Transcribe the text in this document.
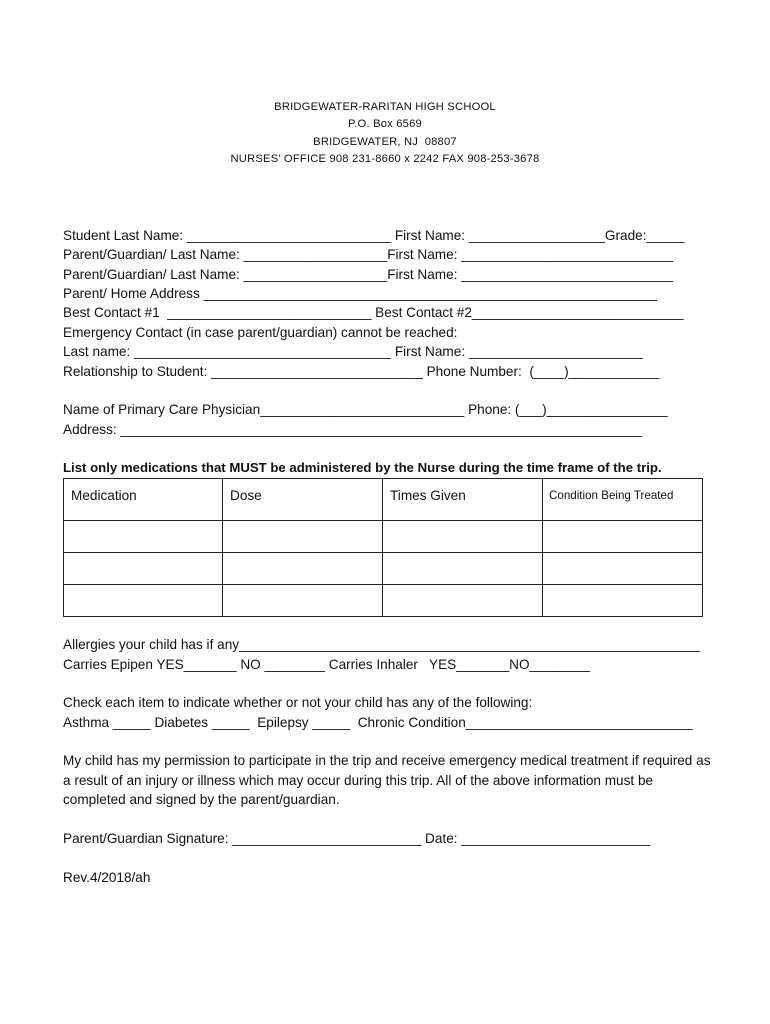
BRIDGEWATER-RARITAN HIGH SCHOOL
P.O. Box 6569
BRIDGEWATER, NJ  08807
NURSES’ OFFICE 908 231-8660 x 2242 FAX 908-253-3678
Student Last Name: ___________________________ First Name: __________________Grade:_____
Parent/Guardian/ Last Name: ___________________First Name: ____________________________
Parent/Guardian/ Last Name: ___________________First Name: ____________________________
Parent/ Home Address ____________________________________________________________
Best Contact #1  ___________________________ Best Contact #2____________________________
Emergency Contact (in case parent/guardian) cannot be reached:
Last name: __________________________________ First Name: _______________________
Relationship to Student: ____________________________ Phone Number:  (____)____________
Name of Primary Care Physician___________________________ Phone: (___)________________
Address: _____________________________________________________________________
List only medications that MUST be administered by the Nurse during the time frame of the trip.
Medication	Dose	Times Given	Condition Being Treated

Allergies your child has if any_____________________________________________________________
Carries Epipen YES_______ NO ________ Carries Inhaler   YES_______NO________
Check each item to indicate whether or not your child has any of the following:
Asthma _____ Diabetes _____  Epilepsy _____  Chronic Condition______________________________
My child has my permission to participate in the trip and receive emergency medical treatment if required as a result of an injury or illness which may occur during this trip. All of the above information must be completed and signed by the parent/guardian.
Parent/Guardian Signature: _________________________ Date: _________________________
Rev.4/2018/ah
